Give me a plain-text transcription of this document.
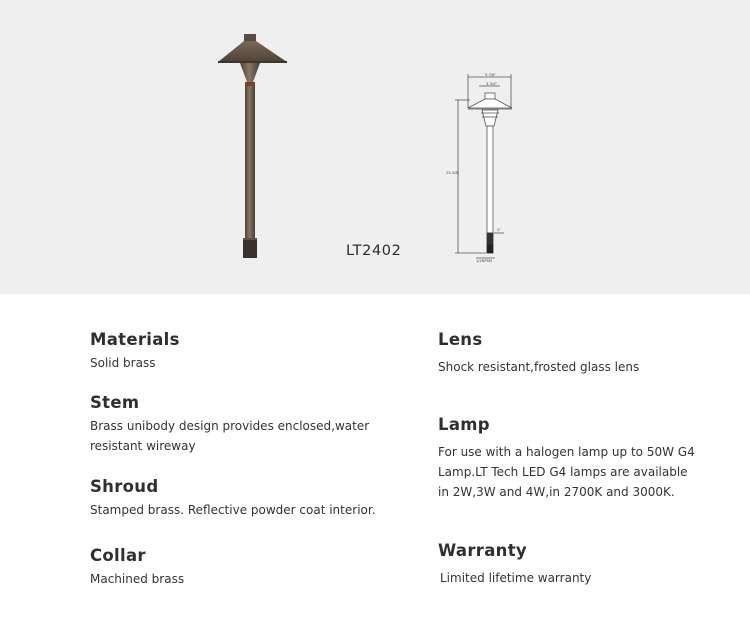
9-7/8"
3-3/4"
23-5/8"
2"
1/2NPSM
LT2402
Materials

Solid brass

Stem

Brass unibody design provides enclosed,water resistant wireway

Shroud

Stamped brass. Reflective powder coat interior.

Collar

Machined brass

Lens

Shock resistant,frosted glass lens

Lamp

For use with a halogen lamp up to 50W G4 Lamp.LT Tech LED G4 lamps are available in 2W,3W and 4W,in 2700K and 3000K.

Warranty

Limited lifetime warranty
